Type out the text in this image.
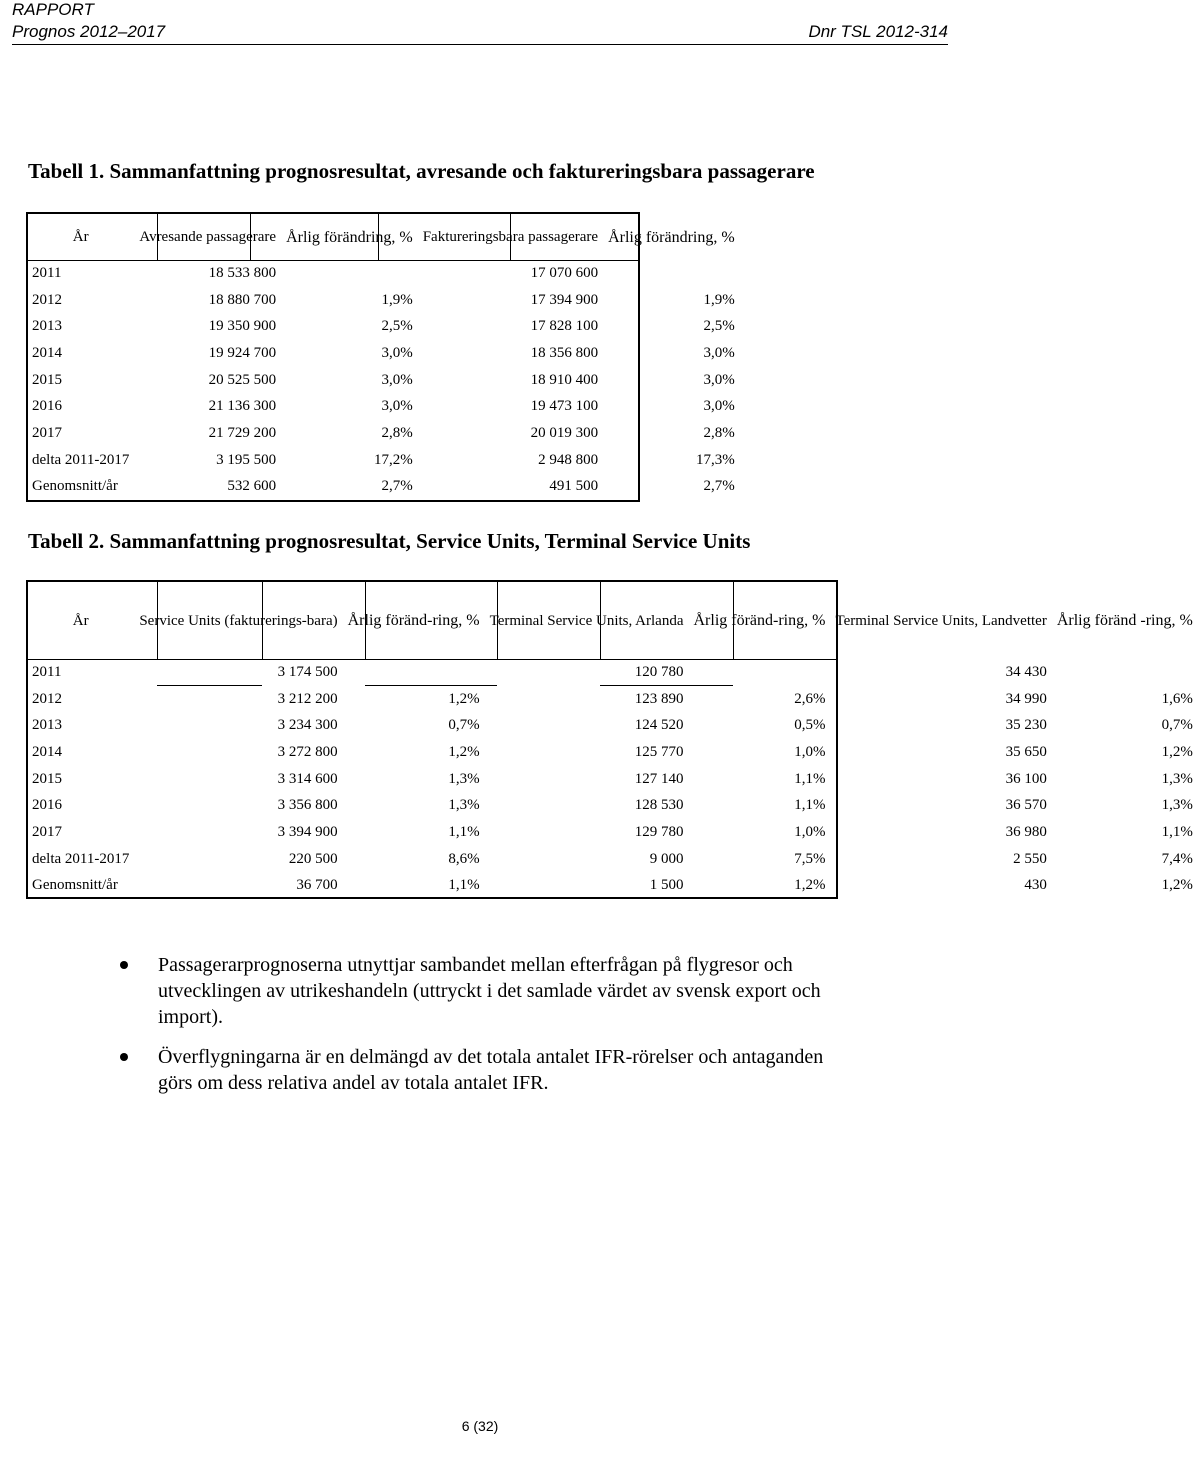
RAPPORT
Prognos 2012–2017	Dnr TSL 2012-314
Tabell 1. Sammanfattning prognosresultat, avresande och faktureringsbara passagerare
År	Avresande passagerare	Årlig förändring, %	Faktureringsbara passagerare	Årlig förändring, %
2011	18 533 800		17 070 600	
2012	18 880 700	1,9%	17 394 900	1,9%
2013	19 350 900	2,5%	17 828 100	2,5%
2014	19 924 700	3,0%	18 356 800	3,0%
2015	20 525 500	3,0%	18 910 400	3,0%
2016	21 136 300	3,0%	19 473 100	3,0%
2017	21 729 200	2,8%	20 019 300	2,8%
delta 2011-2017	3 195 500	17,2%	2 948 800	17,3%
Genomsnitt/år	532 600	2,7%	491 500	2,7%
Tabell 2. Sammanfattning prognosresultat, Service Units, Terminal Service Units
År	Service Units (fakturerings-bara)	Årlig föränd-ring, %	Terminal Service Units, Arlanda	Årlig föränd-ring, %	Terminal Service Units, Landvetter	Årlig föränd -ring, %
2011	3 174 500		120 780		34 430	
2012	3 212 200	1,2%	123 890	2,6%	34 990	1,6%
2013	3 234 300	0,7%	124 520	0,5%	35 230	0,7%
2014	3 272 800	1,2%	125 770	1,0%	35 650	1,2%
2015	3 314 600	1,3%	127 140	1,1%	36 100	1,3%
2016	3 356 800	1,3%	128 530	1,1%	36 570	1,3%
2017	3 394 900	1,1%	129 780	1,0%	36 980	1,1%
delta 2011-2017	220 500	8,6%	9 000	7,5%	2 550	7,4%
Genomsnitt/år	36 700	1,1%	1 500	1,2%	430	1,2%
Passagerarprognoserna utnyttjar sambandet mellan efterfrågan på flygresor och utvecklingen av utrikeshandeln (uttryckt i det samlade värdet av svensk export och import).
Överflygningarna är en delmängd av det totala antalet IFR-rörelser och antaganden görs om dess relativa andel av totala antalet IFR.
6 (32)
